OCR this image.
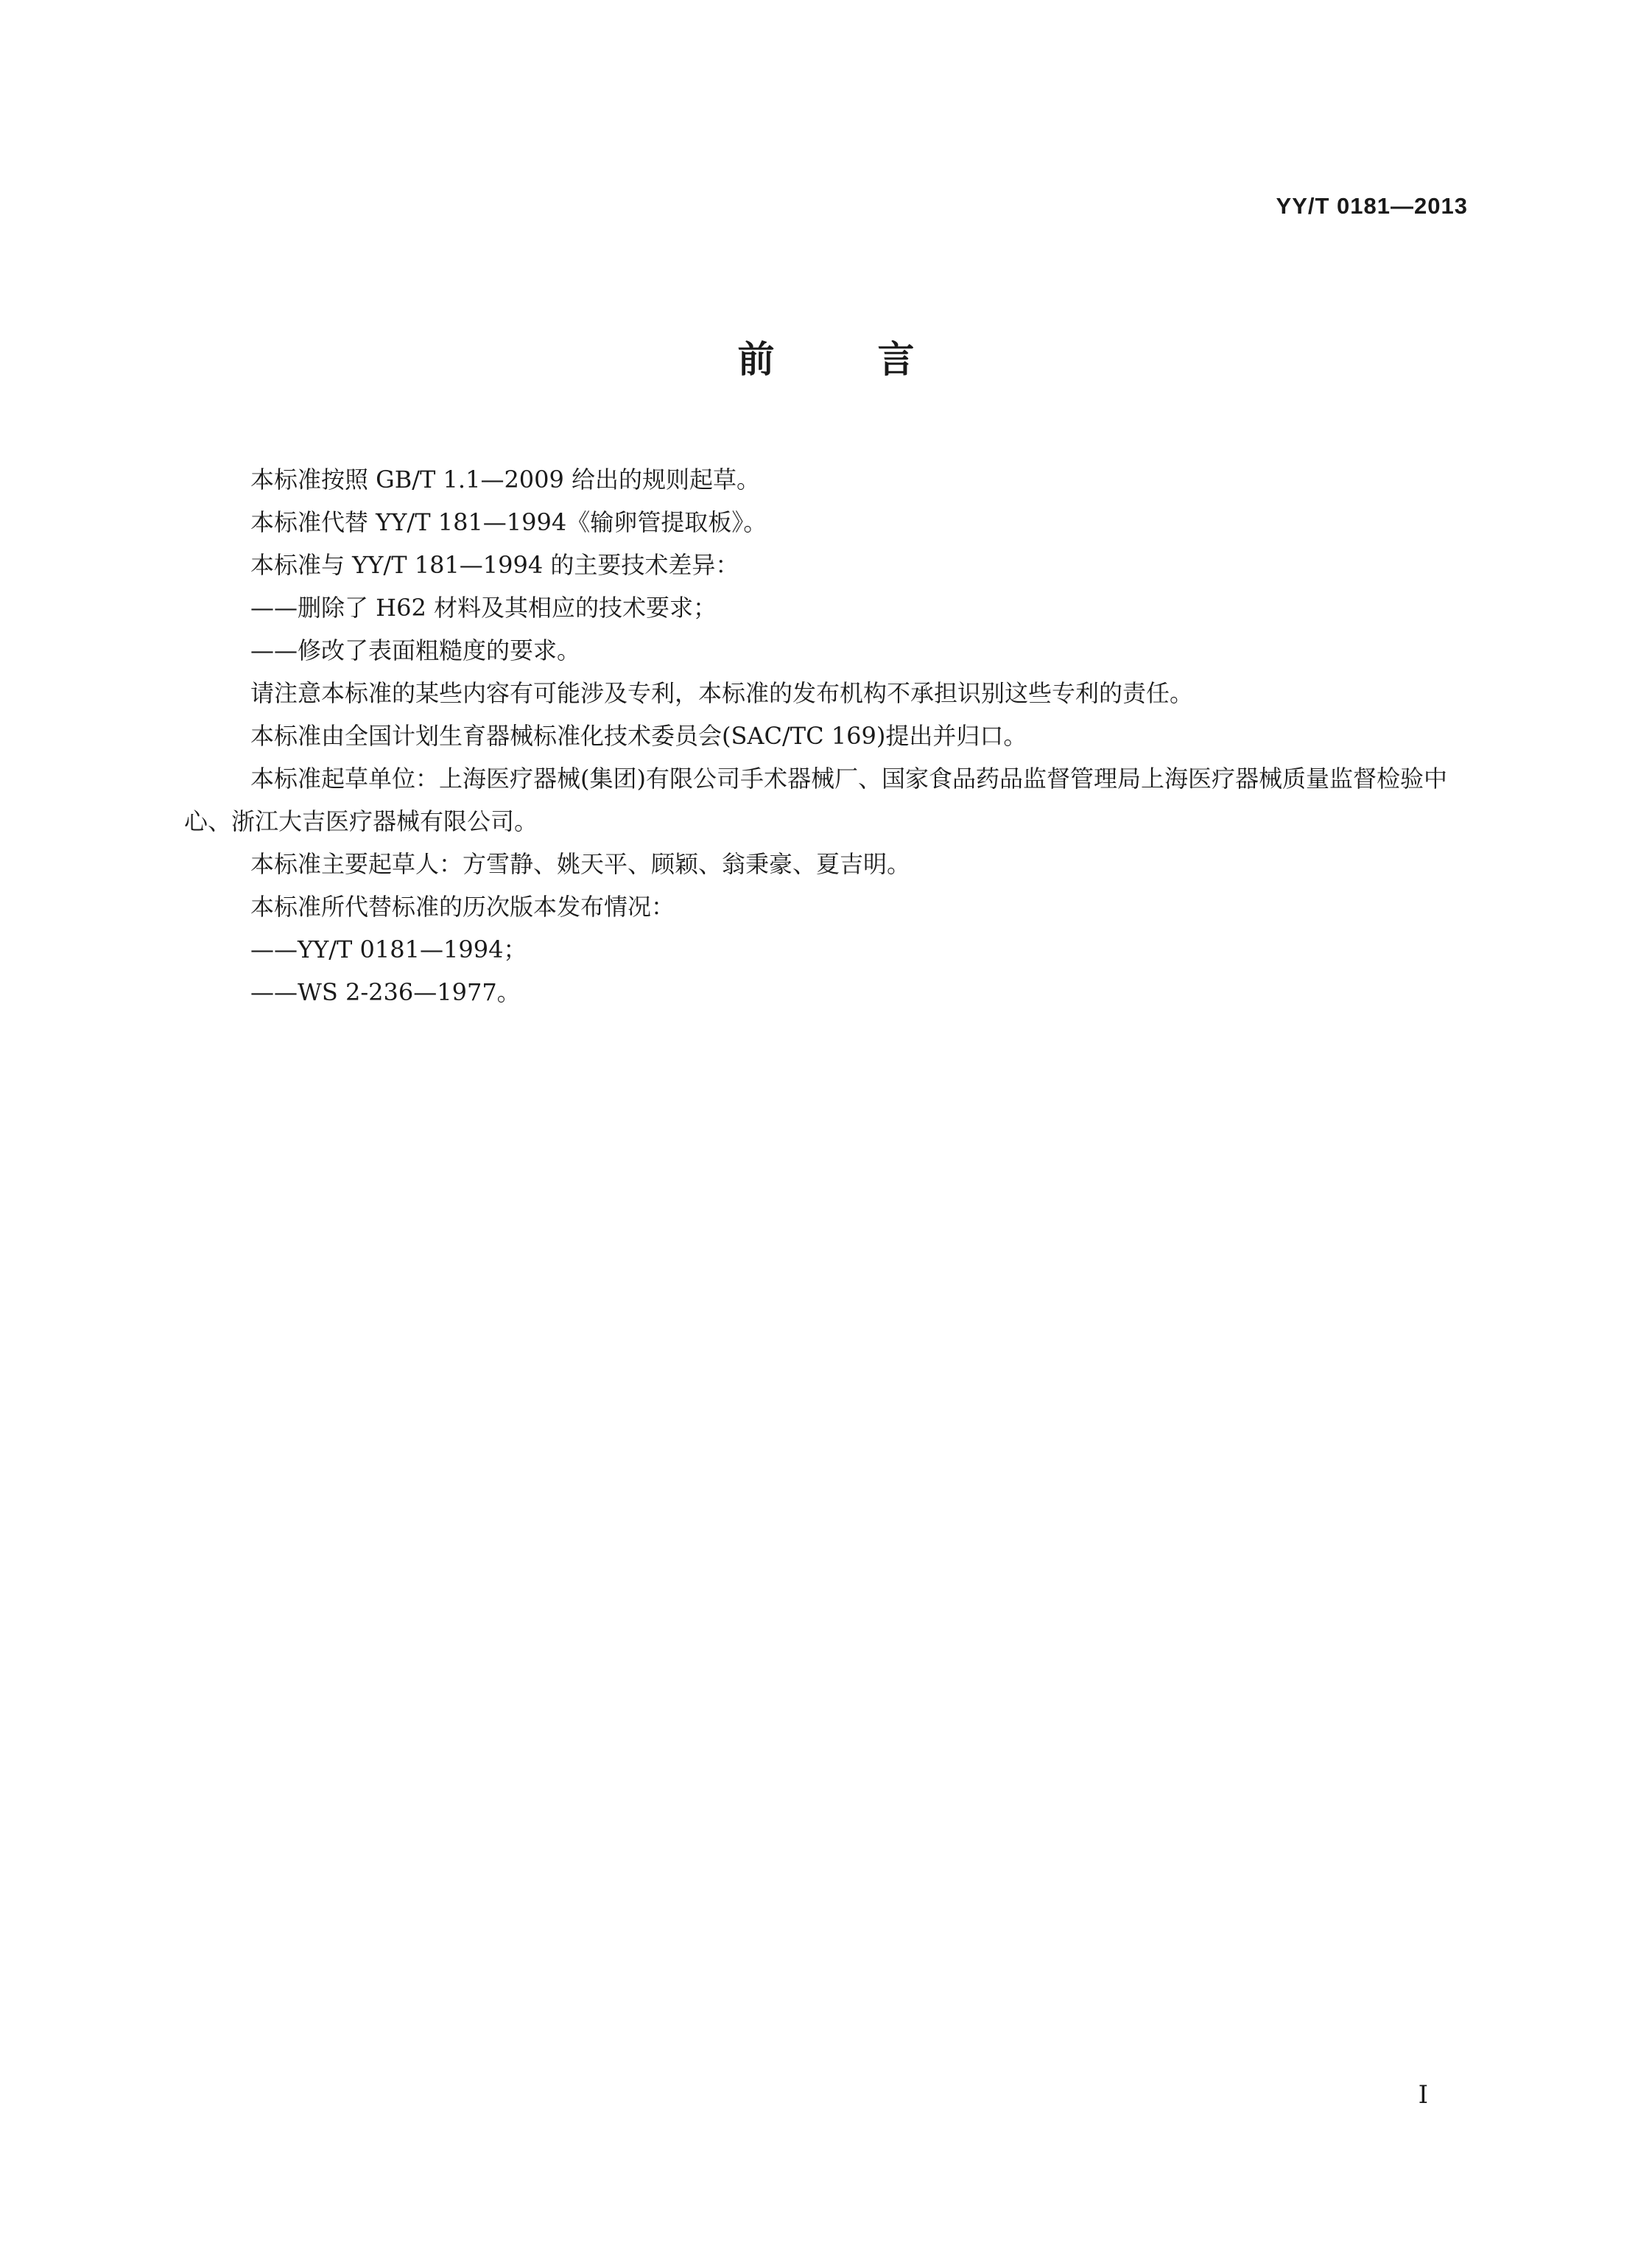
YY/T 0181—2013
前言

本标准按照 GB/T 1.1—2009 给出的规则起草。

本标准代替 YY/T 181—1994《输卵管提取板》。

本标准与 YY/T 181—1994 的主要技术差异：

——删除了 H62 材料及其相应的技术要求；

——修改了表面粗糙度的要求。

请注意本标准的某些内容有可能涉及专利，本标准的发布机构不承担识别这些专利的责任。

本标准由全国计划生育器械标准化技术委员会(SAC/TC 169)提出并归口。

本标准起草单位：上海医疗器械(集团)有限公司手术器械厂、国家食品药品监督管理局上海医疗器械质量监督检验中心、浙江大吉医疗器械有限公司。

本标准主要起草人：方雪静、姚天平、顾颖、翁秉豪、夏吉明。

本标准所代替标准的历次版本发布情况：

——YY/T 0181—1994；

——WS 2-236—1977。

I
